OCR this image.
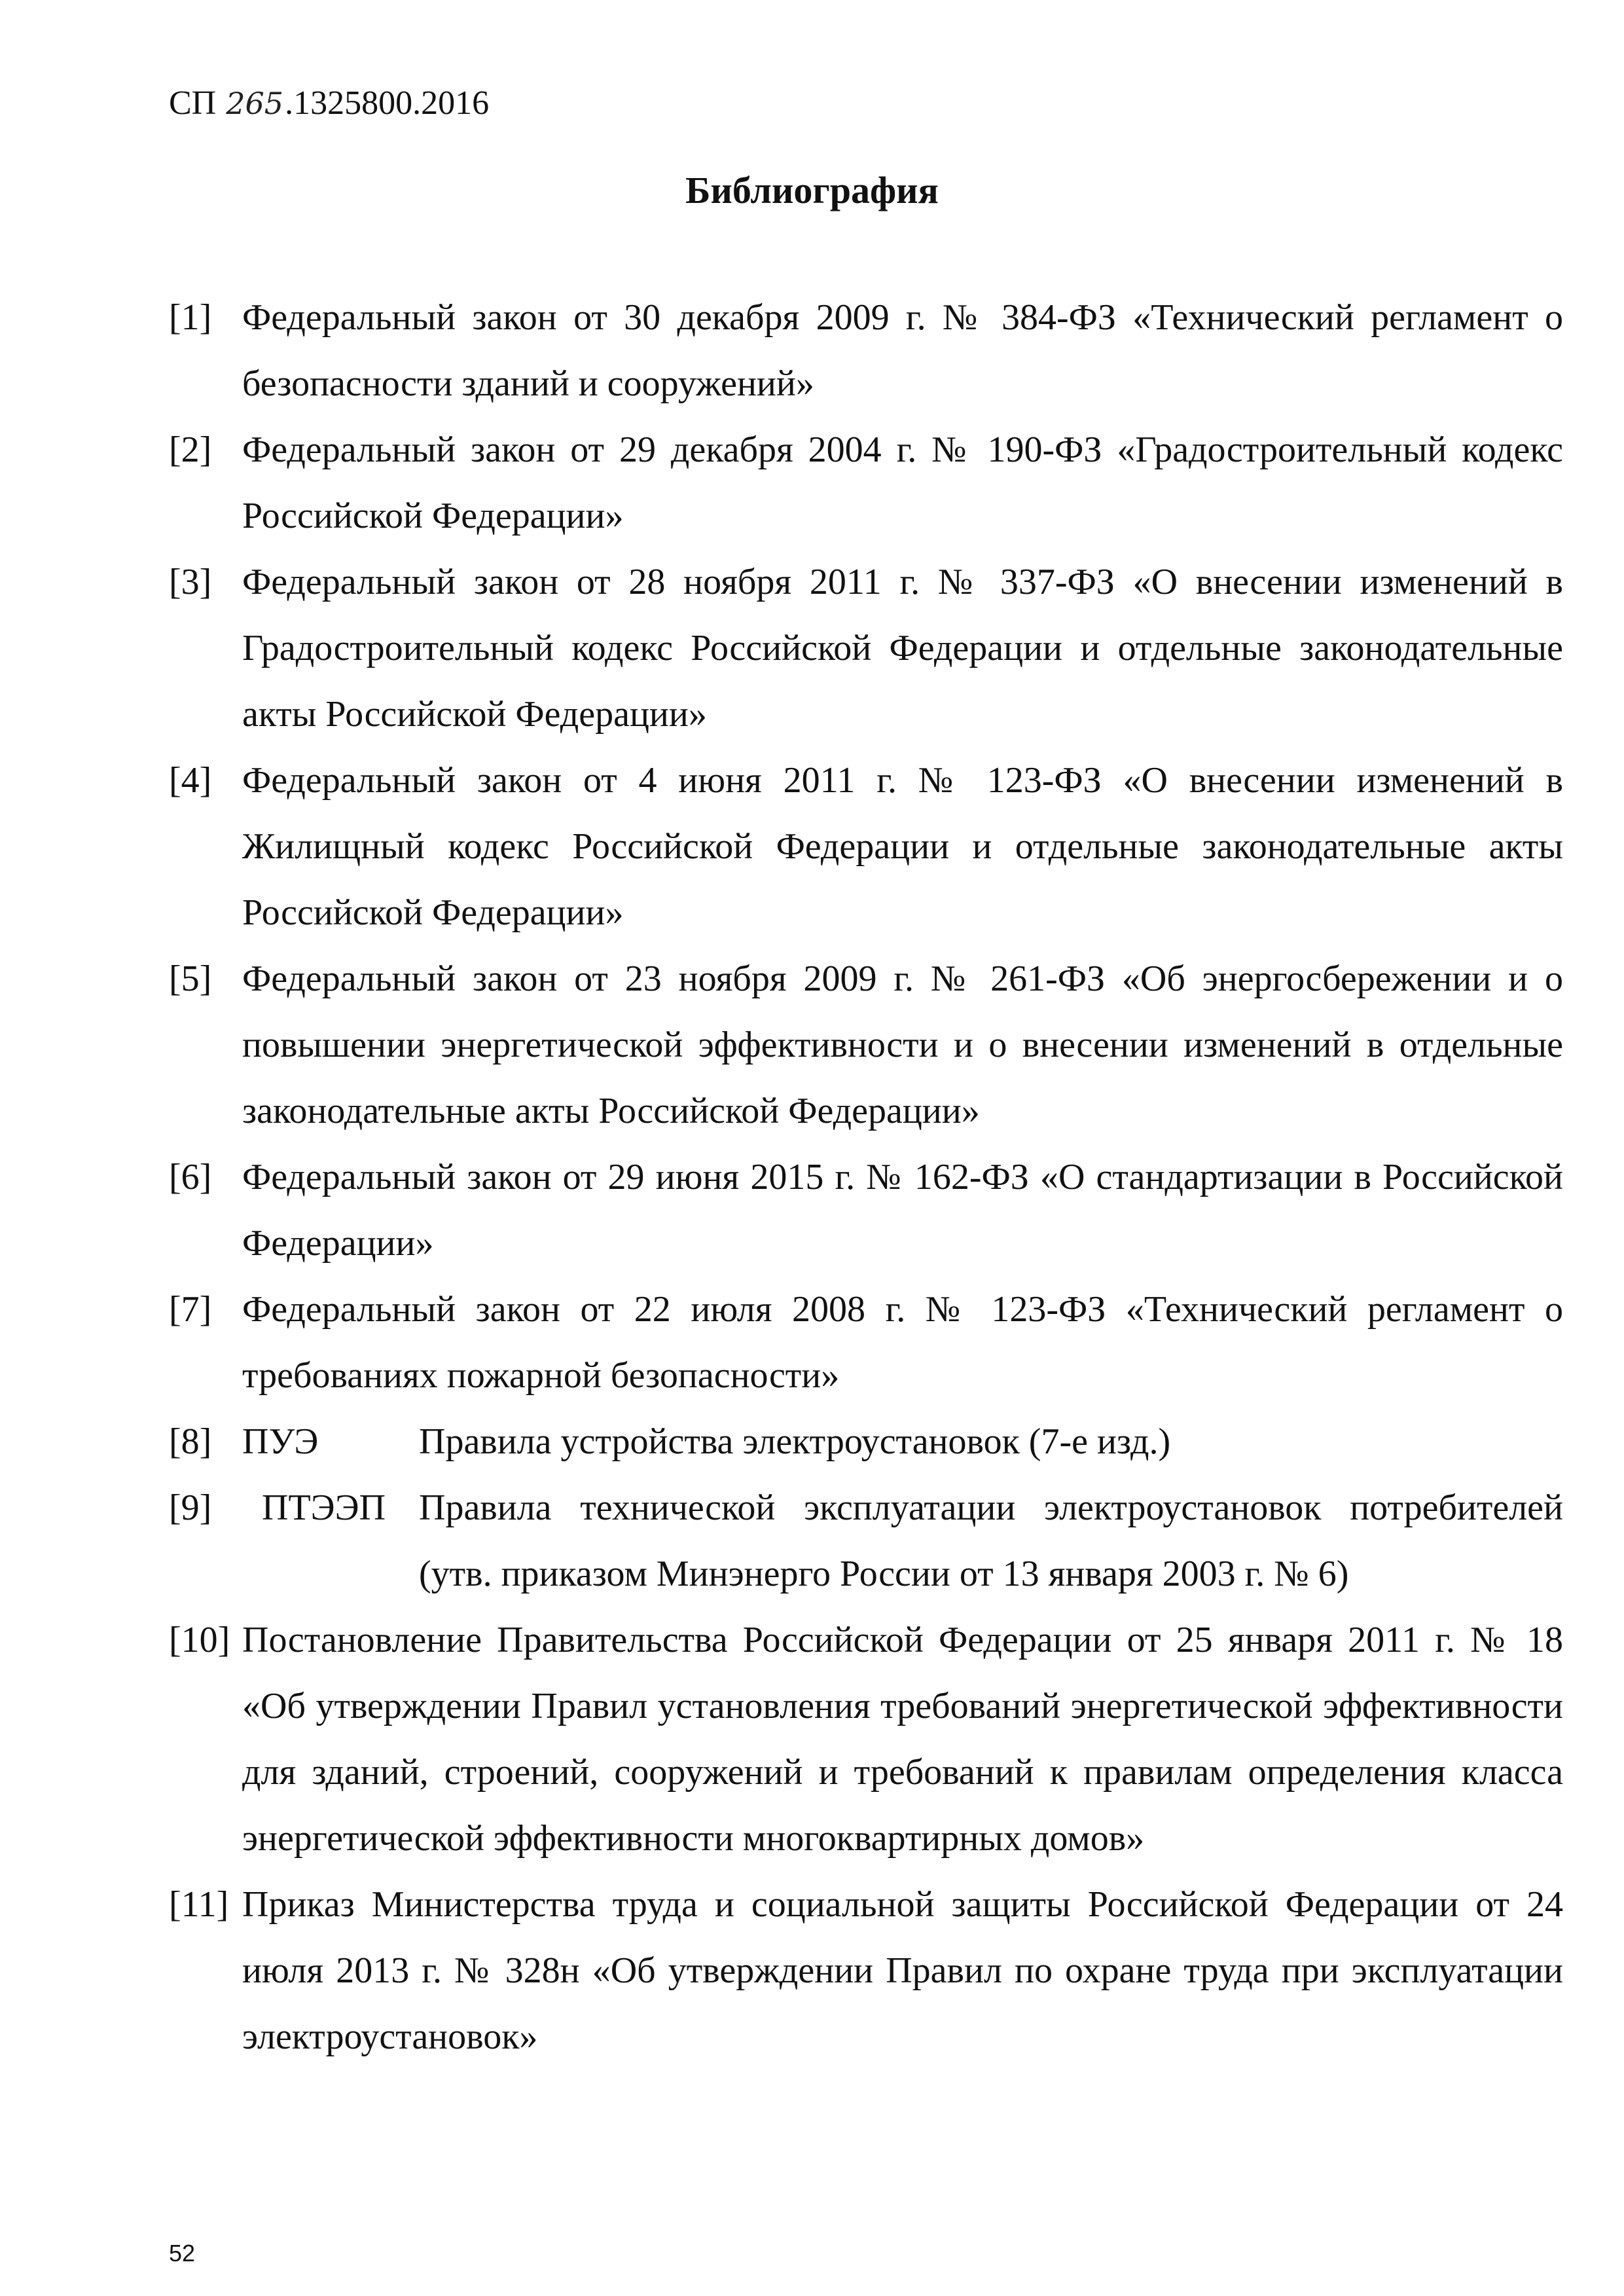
СП 265.1325800.2016
Библиография
[1] Федеральный закон от 30 декабря 2009 г. № 384-ФЗ «Технический регламент о безопасности зданий и сооружений»
[2] Федеральный закон от 29 декабря 2004 г. № 190-ФЗ «Градостроительный кодекс Российской Федерации»
[3] Федеральный закон от 28 ноября 2011 г. № 337-ФЗ «О внесении изменений в Градостроительный кодекс Российской Федерации и отдельные законодательные акты Российской Федерации»
[4] Федеральный закон от 4 июня 2011 г. № 123-ФЗ «О внесении изменений в Жилищный кодекс Российской Федерации и отдельные законодательные акты Российской Федерации»
[5] Федеральный закон от 23 ноября 2009 г. № 261-ФЗ «Об энергосбережении и о повышении энергетической эффективности и о внесении изменений в отдельные законодательные акты Российской Федерации»
[6] Федеральный закон от 29 июня 2015 г. № 162-ФЗ «О стандартизации в Российской Федерации»
[7] Федеральный закон от 22 июля 2008 г. № 123-ФЗ «Технический регламент о требованиях пожарной безопасности»
[8] ПУЭ	Правила устройства электроустановок (7-е изд.)
[9]	ПТЭЭП Правила технической эксплуатации электроустановок потребителей (утв. приказом Минэнерго России от 13 января 2003 г. № 6)
[10] Постановление Правительства Российской Федерации от 25 января 2011 г. № 18 «Об утверждении Правил установления требований энергетической эффективности для зданий, строений, сооружений и требований к правилам определения класса энергетической эффективности многоквартирных домов»
[11] Приказ Министерства труда и социальной защиты Российской Федерации от 24 июля 2013 г. № 328н «Об утверждении Правил по охране труда при эксплуатации электроустановок»
52
